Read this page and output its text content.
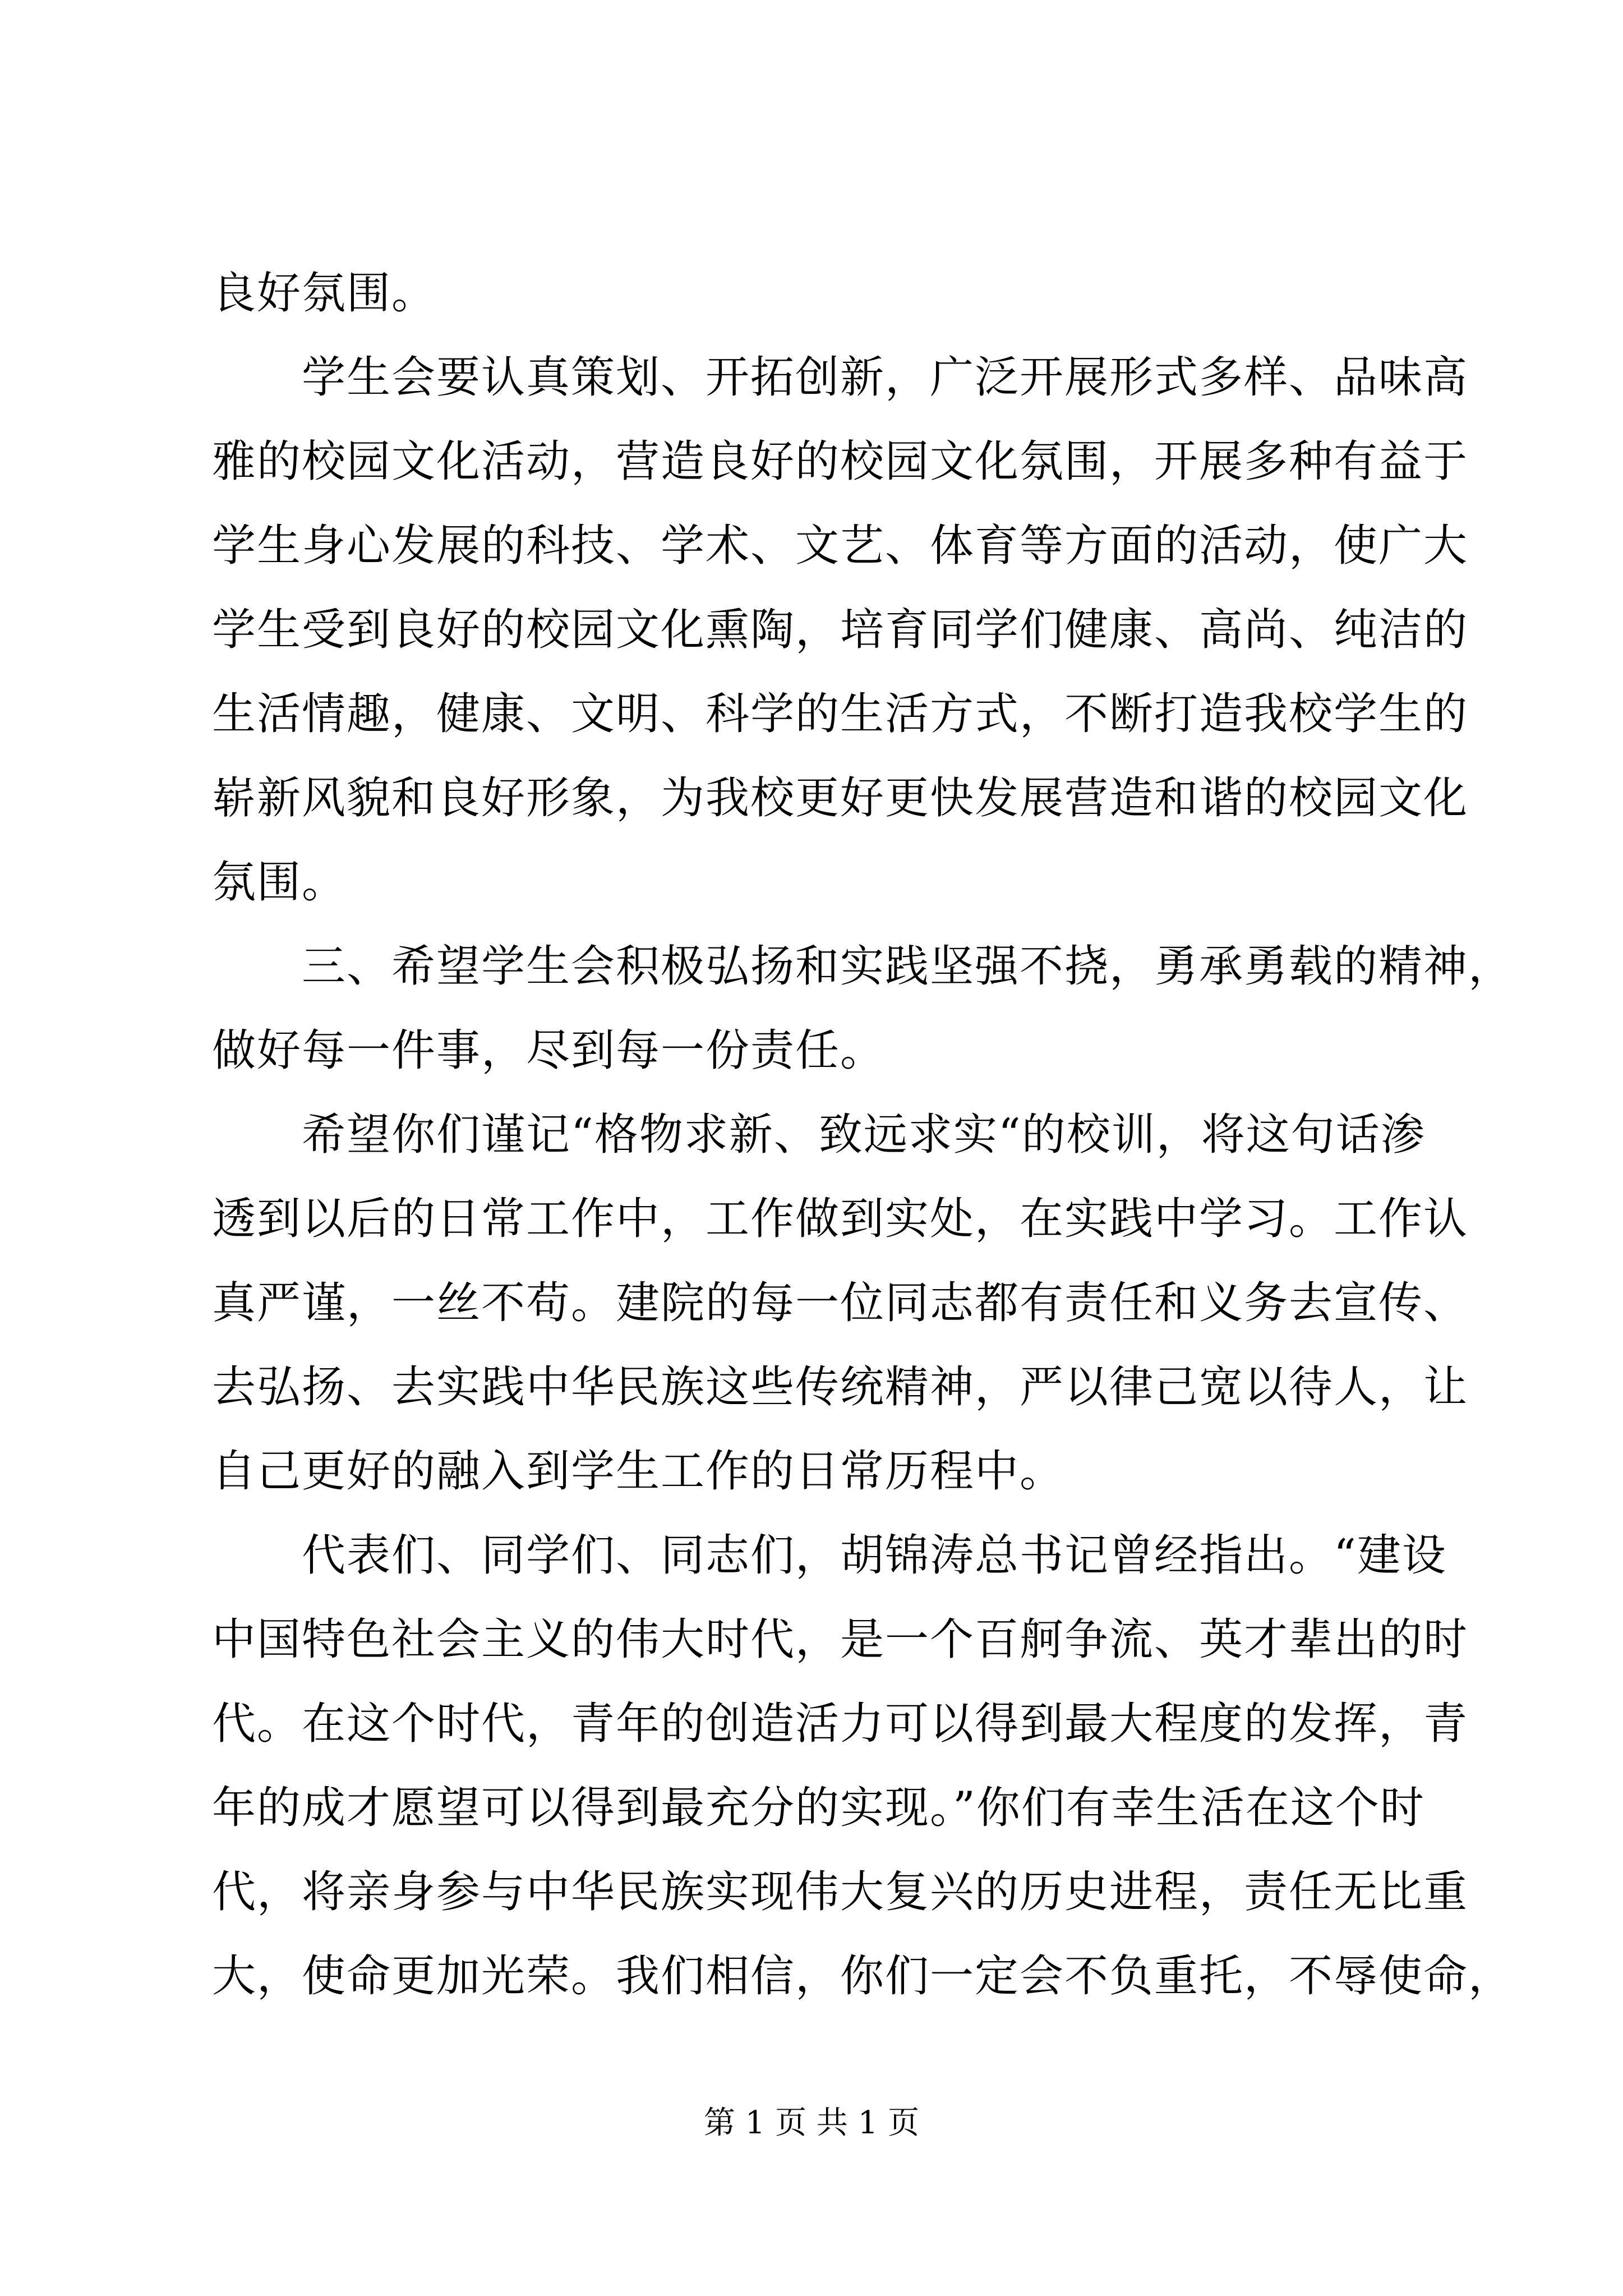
良好氛围。
学生会要认真策划、开拓创新，广泛开展形式多样、品味高
雅的校园文化活动，营造良好的校园文化氛围，开展多种有益于
学生身心发展的科技、学术、文艺、体育等方面的活动，使广大
学生受到良好的校园文化熏陶，培育同学们健康、高尚、纯洁的
生活情趣，健康、文明、科学的生活方式，不断打造我校学生的
崭新风貌和良好形象，为我校更好更快发展营造和谐的校园文化
氛围。
三、希望学生会积极弘扬和实践坚强不挠，勇承勇载的精神，
做好每一件事，尽到每一份责任。
希望你们谨记“格物求新、致远求实“的校训，将这句话渗
透到以后的日常工作中，工作做到实处，在实践中学习。工作认
真严谨，一丝不苟。建院的每一位同志都有责任和义务去宣传、
去弘扬、去实践中华民族这些传统精神，严以律己宽以待人，让
自己更好的融入到学生工作的日常历程中。
代表们、同学们、同志们，胡锦涛总书记曾经指出。“建设
中国特色社会主义的伟大时代，是一个百舸争流、英才辈出的时
代。在这个时代，青年的创造活力可以得到最大程度的发挥，青
年的成才愿望可以得到最充分的实现。”你们有幸生活在这个时
代，将亲身参与中华民族实现伟大复兴的历史进程，责任无比重
大，使命更加光荣。我们相信，你们一定会不负重托，不辱使命，
第 1 页 共 1 页
